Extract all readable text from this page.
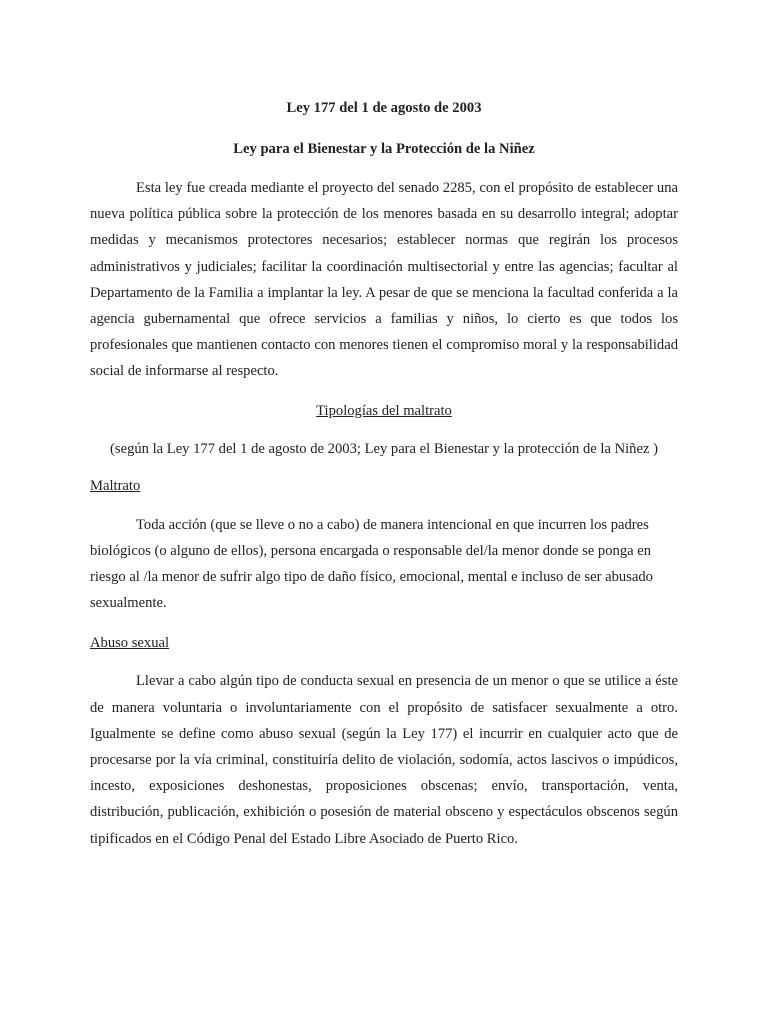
Ley 177 del 1 de agosto de 2003

Ley para el Bienestar y la Protección de la Niñez

Esta ley fue creada mediante el proyecto del senado 2285, con el propósito de establecer una nueva política pública sobre la protección de los menores basada en su desarrollo integral; adoptar medidas y mecanismos protectores necesarios; establecer normas que regirán los procesos administrativos y judiciales; facilitar la coordinación multisectorial y entre las agencias; facultar al Departamento de la Familia a implantar la ley. A pesar de que se menciona la facultad conferida a la agencia gubernamental que ofrece servicios a familias y niños, lo cierto es que todos los profesionales que mantienen contacto con menores tienen el compromiso moral y la responsabilidad social de informarse al respecto.

Tipologías del maltrato

(según la Ley 177 del 1 de agosto de 2003; Ley para el Bienestar y la protección de la Niñez )

Maltrato

Toda acción (que se lleve o no a cabo) de manera intencional en que incurren los padres biológicos (o alguno de ellos), persona encargada o responsable del/la menor donde se ponga en riesgo al /la menor de sufrir algo tipo de daño físico, emocional, mental e incluso de ser abusado sexualmente.

Abuso sexual

Llevar a cabo algún tipo de conducta sexual en presencia de un menor o que se utilice a éste de manera voluntaria o involuntariamente con el propósito de satisfacer sexualmente a otro. Igualmente se define como abuso sexual (según la Ley 177) el incurrir en cualquier acto que de procesarse por la vía criminal, constituiría delito de violación, sodomía, actos lascivos o impúdicos, incesto, exposiciones deshonestas, proposiciones obscenas; envío, transportación, venta, distribución, publicación, exhibición o posesión de material obsceno y espectáculos obscenos según tipificados en el Código Penal del Estado Libre Asociado de Puerto Rico.
